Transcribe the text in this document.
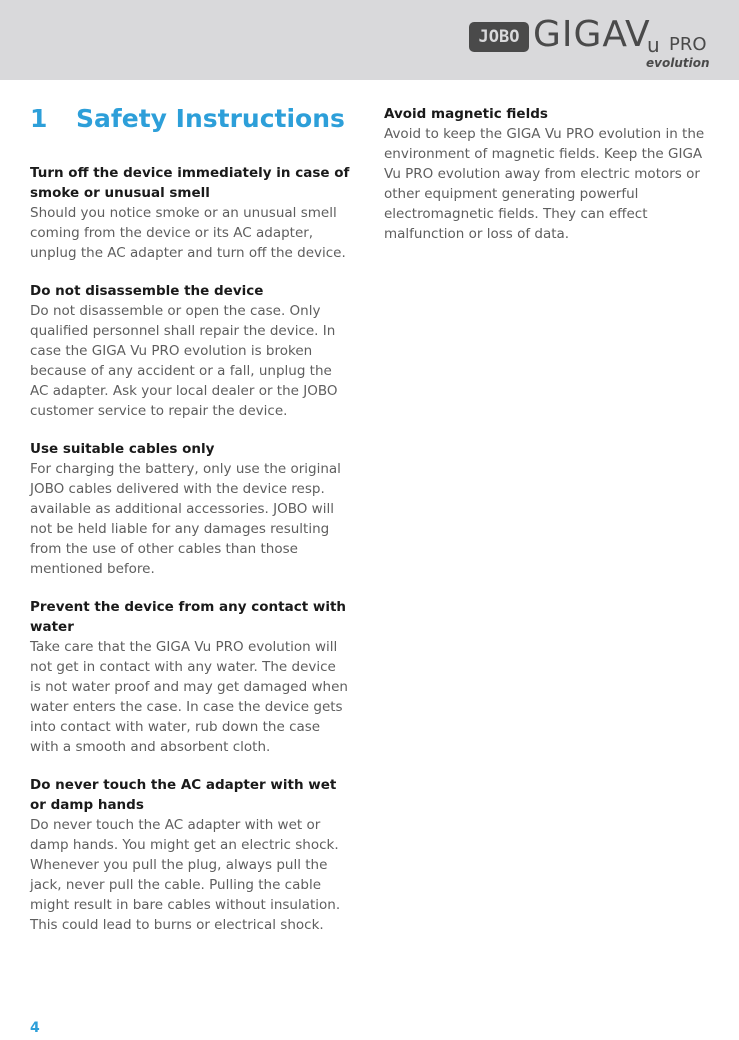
JOBO GIGA
V
u PRO
evolution
1 Safety Instructions
Turn off the device immediately in case of smoke or unusual smell
Should you notice smoke or an unusual smell coming from the device or its AC adapter, unplug the AC adapter and turn off the device.
Do not disassemble the device
Do not disassemble or open the case. Only qualified personnel shall repair the device. In case the GIGA Vu PRO evolution is broken because of any accident or a fall, unplug the AC adapter. Ask your local dealer or the JOBO customer service to repair the device.
Use suitable cables only
For charging the battery, only use the original JOBO cables delivered with the device resp. available as additional accessories. JOBO will not be held liable for any damages resulting from the use of other cables than those mentioned before.
Prevent the device from any contact with water
Take care that the GIGA Vu PRO evolution will not get in contact with any water. The device is not water proof and may get damaged when water enters the case. In case the device gets into contact with water, rub down the case with a smooth and absorbent cloth.
Do never touch the AC adapter with wet or damp hands
Do never touch the AC adapter with wet or damp hands. You might get an electric shock. Whenever you pull the plug, always pull the jack, never pull the cable. Pulling the cable might result in bare cables without insulation. This could lead to burns or electrical shock.
Avoid magnetic fields
Avoid to keep the GIGA Vu PRO evolution in the environment of magnetic fields. Keep the GIGA Vu PRO evolution away from electric motors or other equipment generating powerful electromagnetic fields. They can effect malfunction or loss of data.
4
